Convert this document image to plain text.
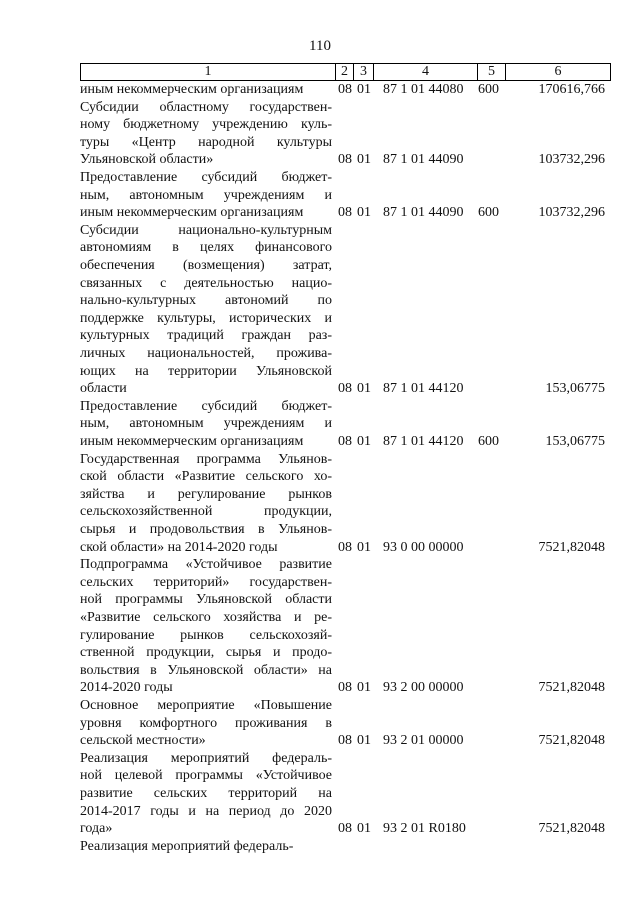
110
1	2 3	4	5	6
иным некоммерческим организациям	08 01 87 1 01 44080	600	170616,766
Субсидии областному государствен-
ному бюджетному учреждению куль-
туры «Центр народной культуры
Ульяновской области»	08 01 87 1 01 44090	103732,296
Предоставление субсидий бюджет-
ным, автономным учреждениям и
иным некоммерческим организациям	08 01 87 1 01 44090	600	103732,296
Субсидии национально-культурным
автономиям в целях финансового
обеспечения (возмещения) затрат,
связанных с деятельностью нацио-
нально-культурных автономий по
поддержке культуры, исторических и
культурных традиций граждан раз-
личных национальностей, прожива-
ющих на территории Ульяновской
области	08 01 87 1 01 44120	153,06775
Предоставление субсидий бюджет-
ным, автономным учреждениям и
иным некоммерческим организациям	08 01 87 1 01 44120	600	153,06775
Государственная программа Ульянов-
ской области «Развитие сельского хо-
зяйства и регулирование рынков
сельскохозяйственной продукции,
сырья и продовольствия в Ульянов-
ской области» на 2014-2020 годы	08 01 93 0 00 00000	7521,82048
Подпрограмма «Устойчивое развитие
сельских территорий» государствен-
ной программы Ульяновской области
«Развитие сельского хозяйства и ре-
гулирование рынков сельскохозяй-
ственной продукции, сырья и продо-
вольствия в Ульяновской области» на
2014-2020 годы	08 01 93 2 00 00000	7521,82048
Основное мероприятие «Повышение
уровня комфортного проживания в
сельской местности»	08 01 93 2 01 00000	7521,82048
Реализация мероприятий федераль-
ной целевой программы «Устойчивое
развитие сельских территорий на
2014-2017 годы и на период до 2020
года»	08 01 93 2 01 R0180	7521,82048
Реализация мероприятий федераль-
